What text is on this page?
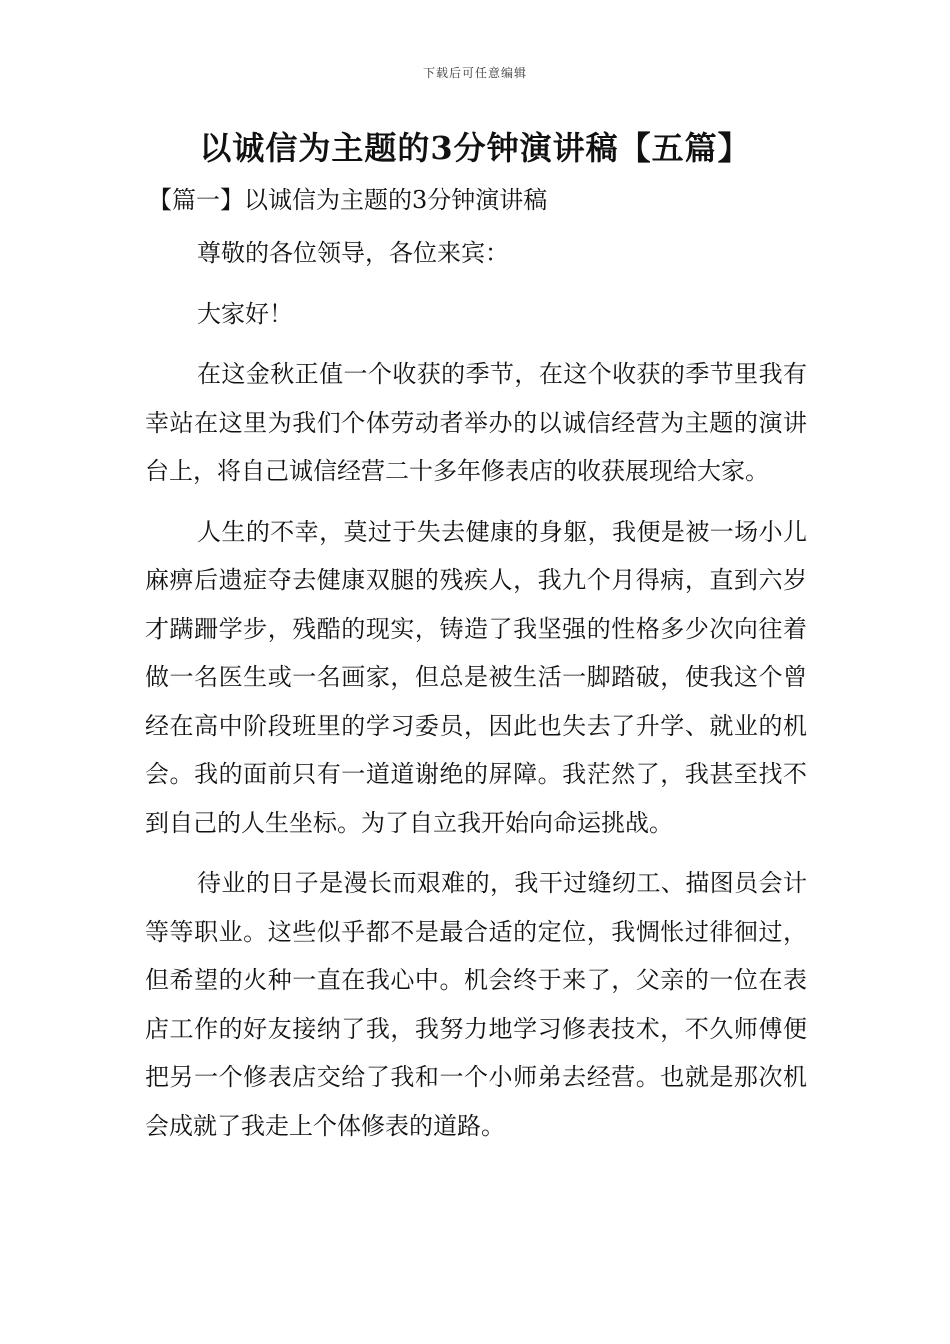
下载后可任意编辑
以诚信为主题的3分钟演讲稿【五篇】
【篇一】以诚信为主题的3分钟演讲稿

尊敬的各位领导，各位来宾：

大家好！

在这金秋正值一个收获的季节，在这个收获的季节里我有幸站在这里为我们个体劳动者举办的以诚信经营为主题的演讲台上，将自己诚信经营二十多年修表店的收获展现给大家。

人生的不幸，莫过于失去健康的身躯，我便是被一场小儿麻痹后遗症夺去健康双腿的残疾人，我九个月得病，直到六岁才蹒跚学步，残酷的现实，铸造了我坚强的性格多少次向往着做一名医生或一名画家，但总是被生活一脚踏破，使我这个曾经在高中阶段班里的学习委员，因此也失去了升学、就业的机会。我的面前只有一道道谢绝的屏障。我茫然了，我甚至找不到自己的人生坐标。为了自立我开始向命运挑战。

待业的日子是漫长而艰难的，我干过缝纫工、描图员会计等等职业。这些似乎都不是最合适的定位，我惆怅过徘徊过，但希望的火种一直在我心中。机会终于来了，父亲的一位在表店工作的好友接纳了我，我努力地学习修表技术，不久师傅便把另一个修表店交给了我和一个小师弟去经营。也就是那次机会成就了我走上个体修表的道路。
